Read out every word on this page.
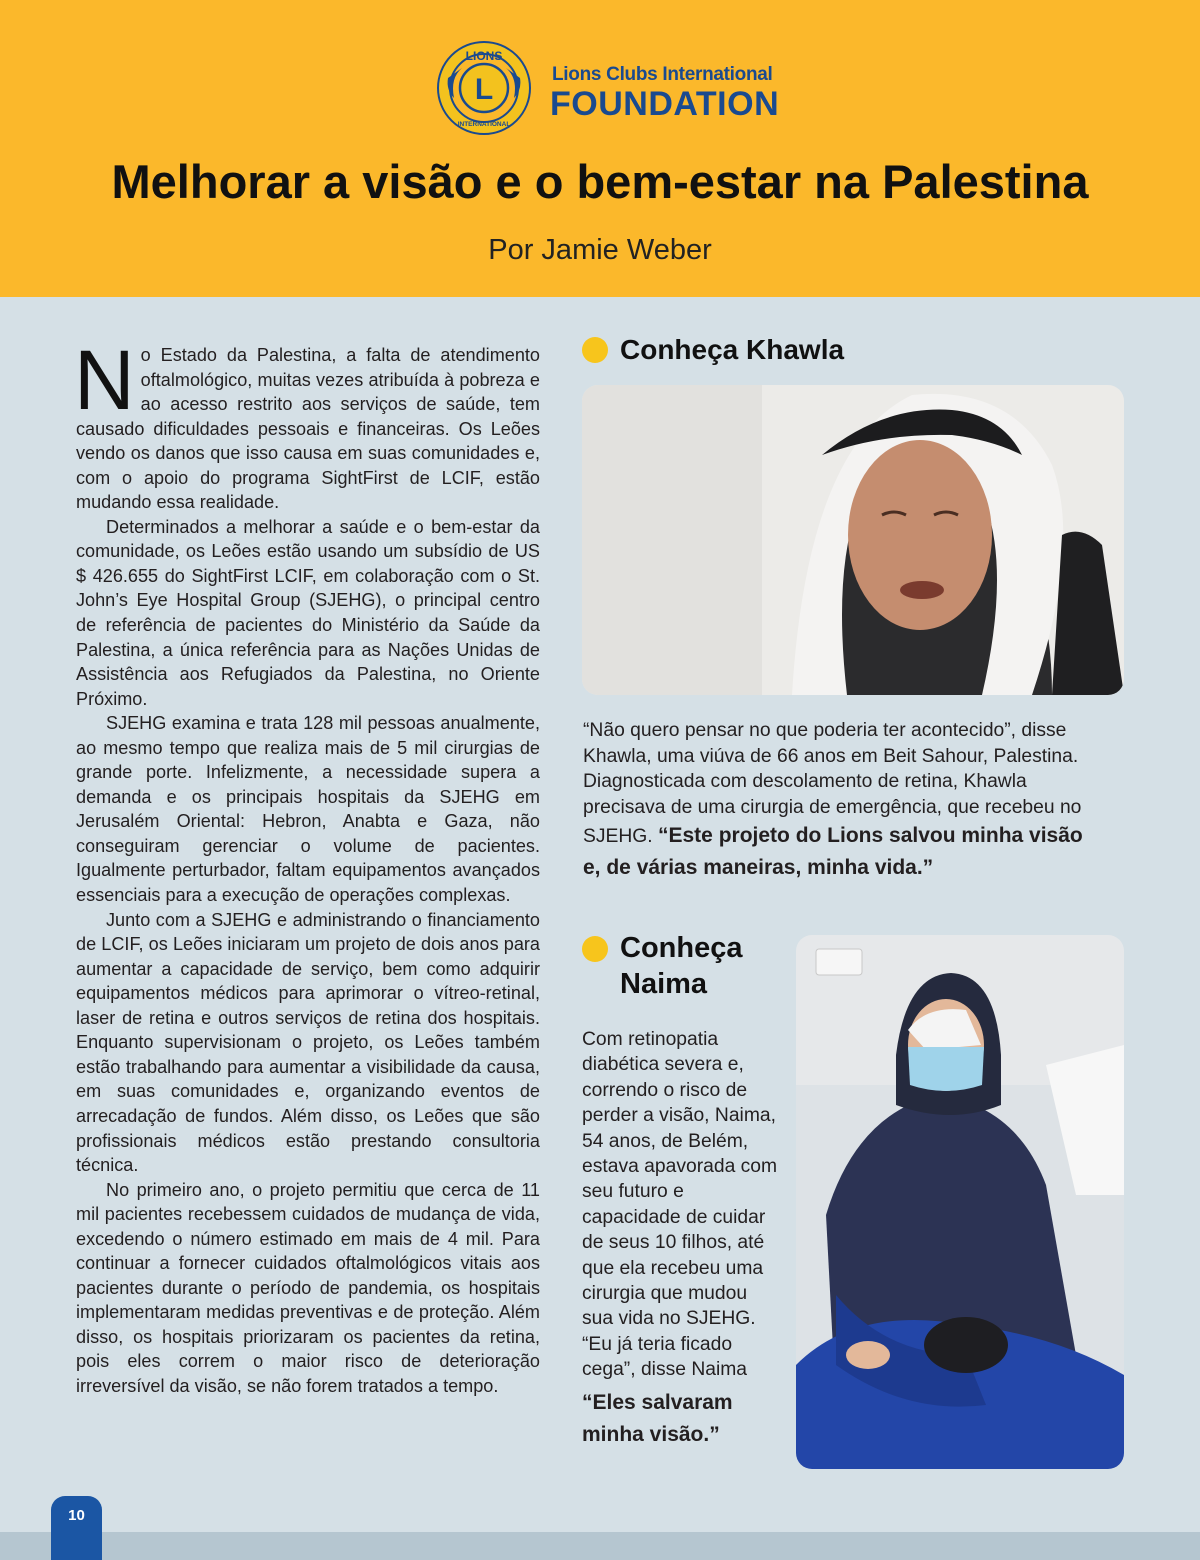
LIONS
L
INTERNATIONAL
Lions Clubs International
FOUNDATION
Melhorar a visão e o bem-estar na Palestina
Por Jamie Weber

No Estado da Palestina, a falta de atendimento oftalmológico, muitas vezes atribuída à pobreza e ao acesso restrito aos serviços de saúde, tem causado dificuldades pessoais e financeiras. Os Leões vendo os danos que isso causa em suas comunidades e, com o apoio do programa SightFirst de LCIF, estão mudando essa realidade.

Determinados a melhorar a saúde e o bem-estar da comunidade, os Leões estão usando um subsídio de US $ 426.655 do SightFirst LCIF, em colaboração com o St. John’s Eye Hospital Group (SJEHG), o principal centro de referência de pacientes do Ministério da Saúde da Palestina, a única referência para as Nações Unidas de Assistência aos Refugiados da Palestina, no Oriente Próximo.

SJEHG examina e trata 128 mil pessoas anualmente, ao mesmo tempo que realiza mais de 5 mil cirurgias de grande porte. Infelizmente, a necessidade supera a demanda e os principais hospitais da SJEHG em Jerusalém Oriental: Hebron, Anabta e Gaza, não conseguiram gerenciar o volume de pacientes. Igualmente perturbador, faltam equipamentos avançados essenciais para a execução de operações complexas.

Junto com a SJEHG e administrando o financiamento de LCIF, os Leões iniciaram um projeto de dois anos para aumentar a capacidade de serviço, bem como adquirir equipamentos médicos para aprimorar o vítreo-retinal, laser de retina e outros serviços de retina dos hospitais. Enquanto supervisionam o projeto, os Leões também estão trabalhando para aumentar a visibilidade da causa, em suas comunidades e, organizando eventos de arrecadação de fundos. Além disso, os Leões que são profissionais médicos estão prestando consultoria técnica.

No primeiro ano, o projeto permitiu que cerca de 11 mil pacientes recebessem cuidados de mudança de vida, excedendo o número estimado em mais de 4 mil. Para continuar a fornecer cuidados oftalmológicos vitais aos pacientes durante o período de pandemia, os hospitais implementaram medidas preventivas e de proteção. Além disso, os hospitais priorizaram os pacientes da retina, pois eles correm o maior risco de deterioração irreversível da visão, se não forem tratados a tempo.

Conheça Khawla
“Não quero pensar no que poderia ter acontecido”, disse Khawla, uma viúva de 66 anos em Beit Sahour, Palestina. Diagnosticada com descolamento de retina, Khawla precisava de uma cirurgia de emergência, que recebeu no SJEHG. “Este projeto do Lions salvou minha visão e, de várias maneiras, minha vida.”
Conheça Naima
Com retinopatia diabética severa e, correndo o risco de perder a visão, Naima, 54 anos, de Belém, estava apavorada com seu futuro e capacidade de cuidar de seus 10 filhos, até que ela recebeu uma cirurgia que mudou sua vida no SJEHG. “Eu já teria ficado cega”, disse Naima
“Eles salvaram minha visão.”
10
